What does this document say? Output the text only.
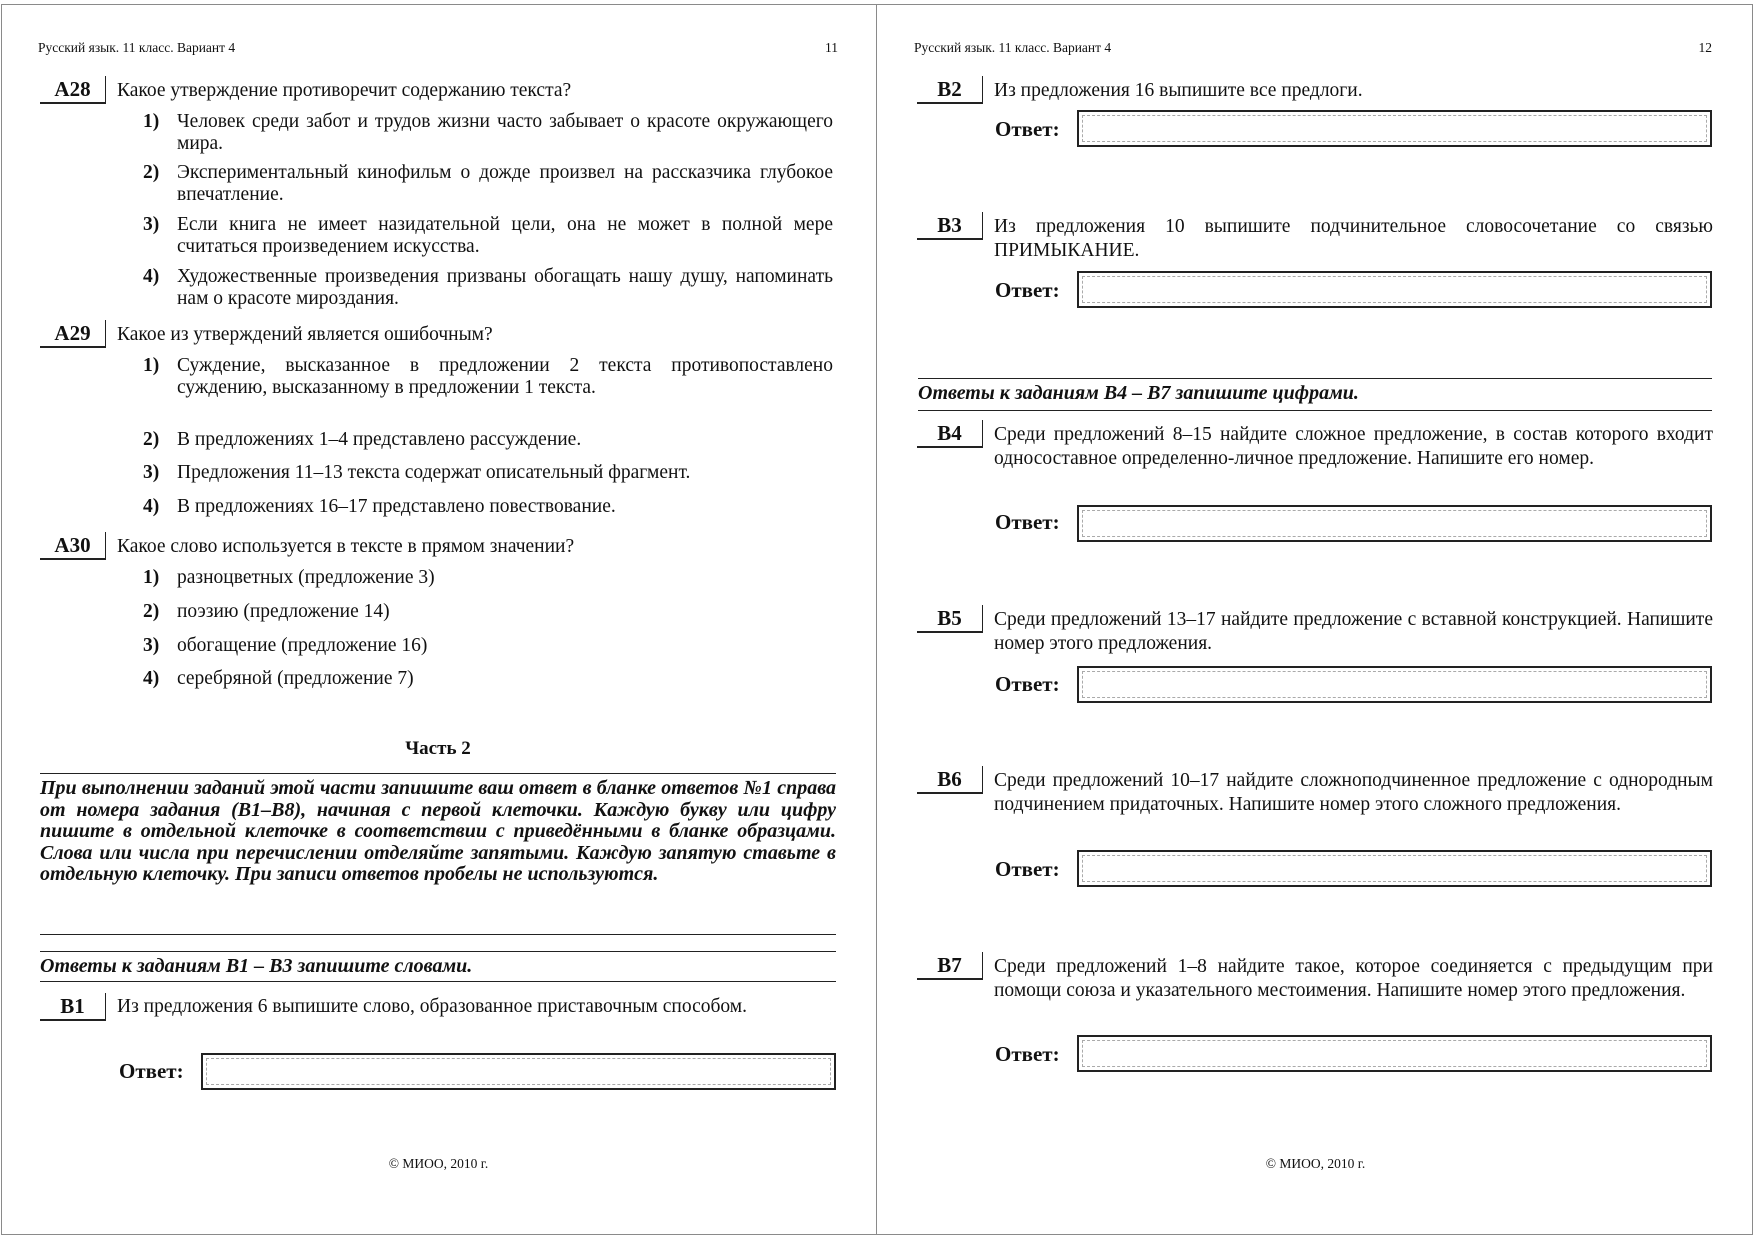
Русский язык. 11 класс. Вариант 4	11
A28	Какое утверждение противоречит содержанию текста?
1) Человек среди забот и трудов жизни часто забывает о красоте окружающего мира.
2) Экспериментальный кинофильм о дожде произвел на рассказчика глубокое впечатление.
3) Если книга не имеет назидательной цели, она не может в полной мере считаться произведением искусства.
4) Художественные произведения призваны обогащать нашу душу, напоминать нам о красоте мироздания.
A29	Какое из утверждений является ошибочным?
1) Суждение, высказанное в предложении 2 текста противопоставлено суждению, высказанному в предложении 1 текста.
2) В предложениях 1–4 представлено рассуждение.
3) Предложения 11–13 текста содержат описательный фрагмент.
4) В предложениях 16–17 представлено повествование.
A30	Какое слово используется в тексте в прямом значении?
1) разноцветных (предложение 3)
2) поэзию (предложение 14)
3) обогащение (предложение 16)
4) серебряной (предложение 7)
Часть 2
При выполнении заданий этой части запишите ваш ответ в бланке ответов №1 справа от номера задания (В1–В8), начиная с первой клеточки. Каждую букву или цифру пишите в отдельной клеточке в соответствии с приведёнными в бланке образцами. Слова или числа при перечислении отделяйте запятыми. Каждую запятую ставьте в отдельную клеточку. При записи ответов пробелы не используются.
Ответы к заданиям В1 – В3 запишите словами.
В1	Из предложения 6 выпишите слово, образованное приставочным способом.
Ответ:
© МИОО, 2010 г.
Русский язык. 11 класс. Вариант 4	12
В2	Из предложения 16 выпишите все предлоги.
Ответ:
В3	Из предложения 10 выпишите подчинительное словосочетание со связью ПРИМЫКАНИЕ.
Ответ:
Ответы к заданиям В4 – В7 запишите цифрами.
В4	Среди предложений 8–15 найдите сложное предложение, в состав которого входит односоставное определенно-личное предложение. Напишите его номер.
Ответ:
В5	Среди предложений 13–17 найдите предложение с вставной конструкцией. Напишите номер этого предложения.
Ответ:
В6	Среди предложений 10–17 найдите сложноподчиненное предложение с однородным подчинением придаточных. Напишите номер этого сложного предложения.
Ответ:
В7	Среди предложений 1–8 найдите такое, которое соединяется с предыдущим при помощи союза и указательного местоимения. Напишите номер этого предложения.
Ответ:
© МИОО, 2010 г.
